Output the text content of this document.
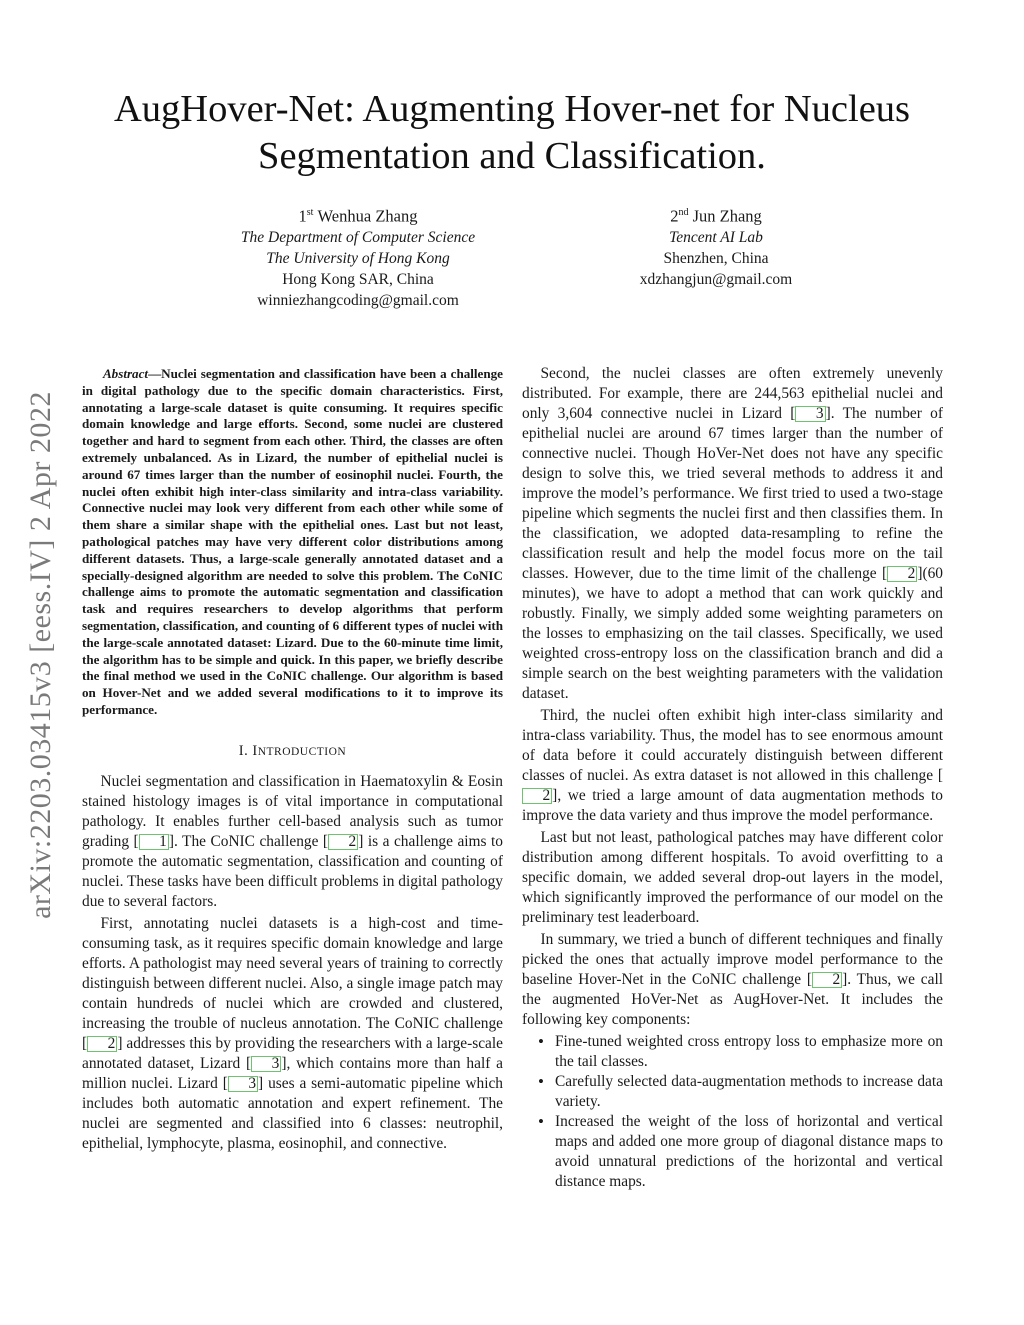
arXiv:2203.03415v3 [eess.IV] 2 Apr 2022
AugHover-Net: Augmenting Hover-net for Nucleus
Segmentation and Classification.
1st Wenhua Zhang
The Department of Computer Science
The University of Hong Kong
Hong Kong SAR, China
winniezhangcoding@gmail.com
2nd Jun Zhang
Tencent AI Lab
Shenzhen, China
xdzhangjun@gmail.com

Abstract—Nuclei segmentation and classification have been a challenge in digital pathology due to the specific domain characteristics. First, annotating a large-scale dataset is quite consuming. It requires specific domain knowledge and large efforts. Second, some nuclei are clustered together and hard to segment from each other. Third, the classes are often extremely unbalanced. As in Lizard, the number of epithelial nuclei is around 67 times larger than the number of eosinophil nuclei. Fourth, the nuclei often exhibit high inter-class similarity and intra-class variability. Connective nuclei may look very different from each other while some of them share a similar shape with the epithelial ones. Last but not least, pathological patches may have very different color distributions among different datasets. Thus, a large-scale generally annotated dataset and a specially-designed algorithm are needed to solve this problem. The CoNIC challenge aims to promote the automatic segmentation and classification task and requires researchers to develop algorithms that perform segmentation, classification, and counting of 6 different types of nuclei with the large-scale annotated dataset: Lizard. Due to the 60-minute time limit, the algorithm has to be simple and quick. In this paper, we briefly describe the final method we used in the CoNIC challenge. Our algorithm is based on Hover-Net and we added several modifications to it to improve its performance.

I. INTRODUCTION

Nuclei segmentation and classification in Haematoxylin & Eosin stained histology images is of vital importance in computational pathology. It enables further cell-based analysis such as tumor grading [ 1 ]. The CoNIC challenge [ 2 ] is a challenge aims to promote the automatic segmentation, classification and counting of nuclei. These tasks have been difficult problems in digital pathology due to several factors.

First, annotating nuclei datasets is a high-cost and time-consuming task, as it requires specific domain knowledge and large efforts. A pathologist may need several years of training to correctly distinguish between different nuclei. Also, a single image patch may contain hundreds of nuclei which are crowded and clustered, increasing the trouble of nucleus annotation. The CoNIC challenge [ 2 ] addresses this by providing the researchers with a large-scale annotated dataset, Lizard [ 3 ], which contains more than half a million nuclei. Lizard [ 3 ] uses a semi-automatic pipeline which includes both automatic annotation and expert refinement. The nuclei are segmented and classified into 6 classes: neutrophil, epithelial, lymphocyte, plasma, eosinophil, and connective.

Second, the nuclei classes are often extremely unevenly distributed. For example, there are 244,563 epithelial nuclei and only 3,604 connective nuclei in Lizard [ 3 ]. The number of epithelial nuclei are around 67 times larger than the number of connective nuclei. Though HoVer-Net does not have any specific design to solve this, we tried several methods to address it and improve the model’s performance. We first tried to used a two-stage pipeline which segments the nuclei first and then classifies them. In the classification, we adopted data-resampling to refine the classification result and help the model focus more on the tail classes. However, due to the time limit of the challenge [ 2 ](60 minutes), we have to adopt a method that can work quickly and robustly. Finally, we simply added some weighting parameters on the losses to emphasizing on the tail classes. Specifically, we used weighted cross-entropy loss on the classification branch and did a simple search on the best weighting parameters with the validation dataset.

Third, the nuclei often exhibit high inter-class similarity and intra-class variability. Thus, the model has to see enormous amount of data before it could accurately distinguish between different classes of nuclei. As extra dataset is not allowed in this challenge [2 ], we tried a large amount of data augmentation methods to improve the data variety and thus improve the model performance.

Last but not least, pathological patches may have different color distribution among different hospitals. To avoid overfitting to a specific domain, we added several drop-out layers in the model, which significantly improved the performance of our model on the preliminary test leaderboard.

In summary, we tried a bunch of different techniques and finally picked the ones that actually improve model performance to the baseline Hover-Net in the CoNIC challenge [ 2 ]. Thus, we call the augmented HoVer-Net as AugHover-Net. It includes the following key components:

• Fine-tuned weighted cross entropy loss to emphasize more on the tail classes.
• Carefully selected data-augmentation methods to increase data variety.
• Increased the weight of the loss of horizontal and vertical maps and added one more group of diagonal distance maps to avoid unnatural predictions of the horizontal and vertical distance maps.
